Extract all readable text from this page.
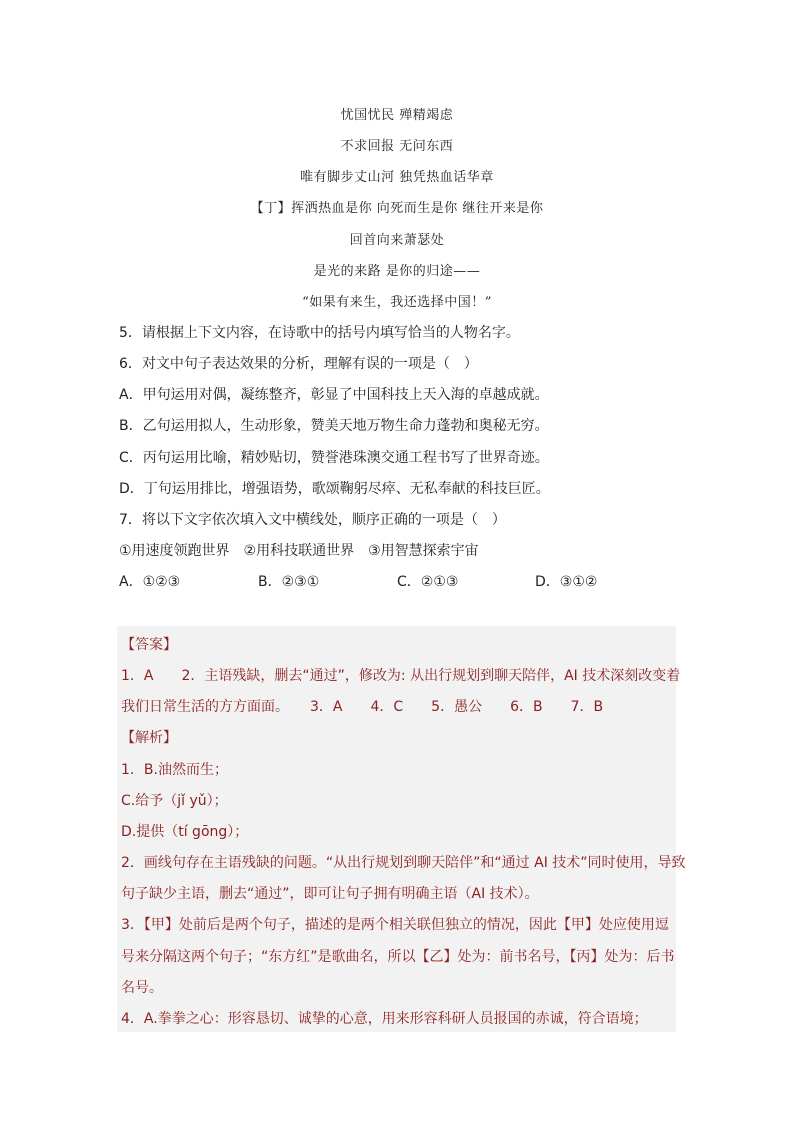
忧国忧民 殚精竭虑
不求回报 无问东西
唯有脚步丈山河 独凭热血话华章
【丁】挥洒热血是你 向死而生是你 继往开来是你
回首向来萧瑟处
是光的来路 是你的归途——
“如果有来生，我还选择中国！”
5．请根据上下文内容，在诗歌中的括号内填写恰当的人物名字。
6．对文中句子表达效果的分析，理解有误的一项是（　）
A．甲句运用对偶，凝练整齐，彰显了中国科技上天入海的卓越成就。
B．乙句运用拟人，生动形象，赞美天地万物生命力蓬勃和奥秘无穷。
C．丙句运用比喻，精妙贴切，赞誉港珠澳交通工程书写了世界奇迹。
D．丁句运用排比，增强语势，歌颂鞠躬尽瘁、无私奉献的科技巨匠。
7．将以下文字依次填入文中横线处，顺序正确的一项是（　）
①用速度领跑世界　②用科技联通世界　③用智慧探索宇宙
A．①②③	B．②③①	C．②①③	D．③①②
【答案】
1．A　　2．主语残缺，删去“通过”，修改为: 从出行规划到聊天陪伴，AI 技术深刻改变着
我们日常生活的方方面面。　　3．A　　4．C　　5．愚公　　6．B　　7．B
【解析】
1．B.油然而生；
C.给予（jǐ yǔ）；
D.提供（tí gōng）；
2．画线句存在主语残缺的问题。“从出行规划到聊天陪伴”和“通过 AI 技术”同时使用，导致
句子缺少主语，删去“通过”，即可让句子拥有明确主语（AI 技术）。
3．【甲】处前后是两个句子，描述的是两个相关联但独立的情况，因此【甲】处应使用逗
号来分隔这两个句子；“东方红”是歌曲名，所以【乙】处为：前书名号，【丙】处为：后书
名号。
4．A.拳拳之心：形容恳切、诚挚的心意，用来形容科研人员报国的赤诚，符合语境；
